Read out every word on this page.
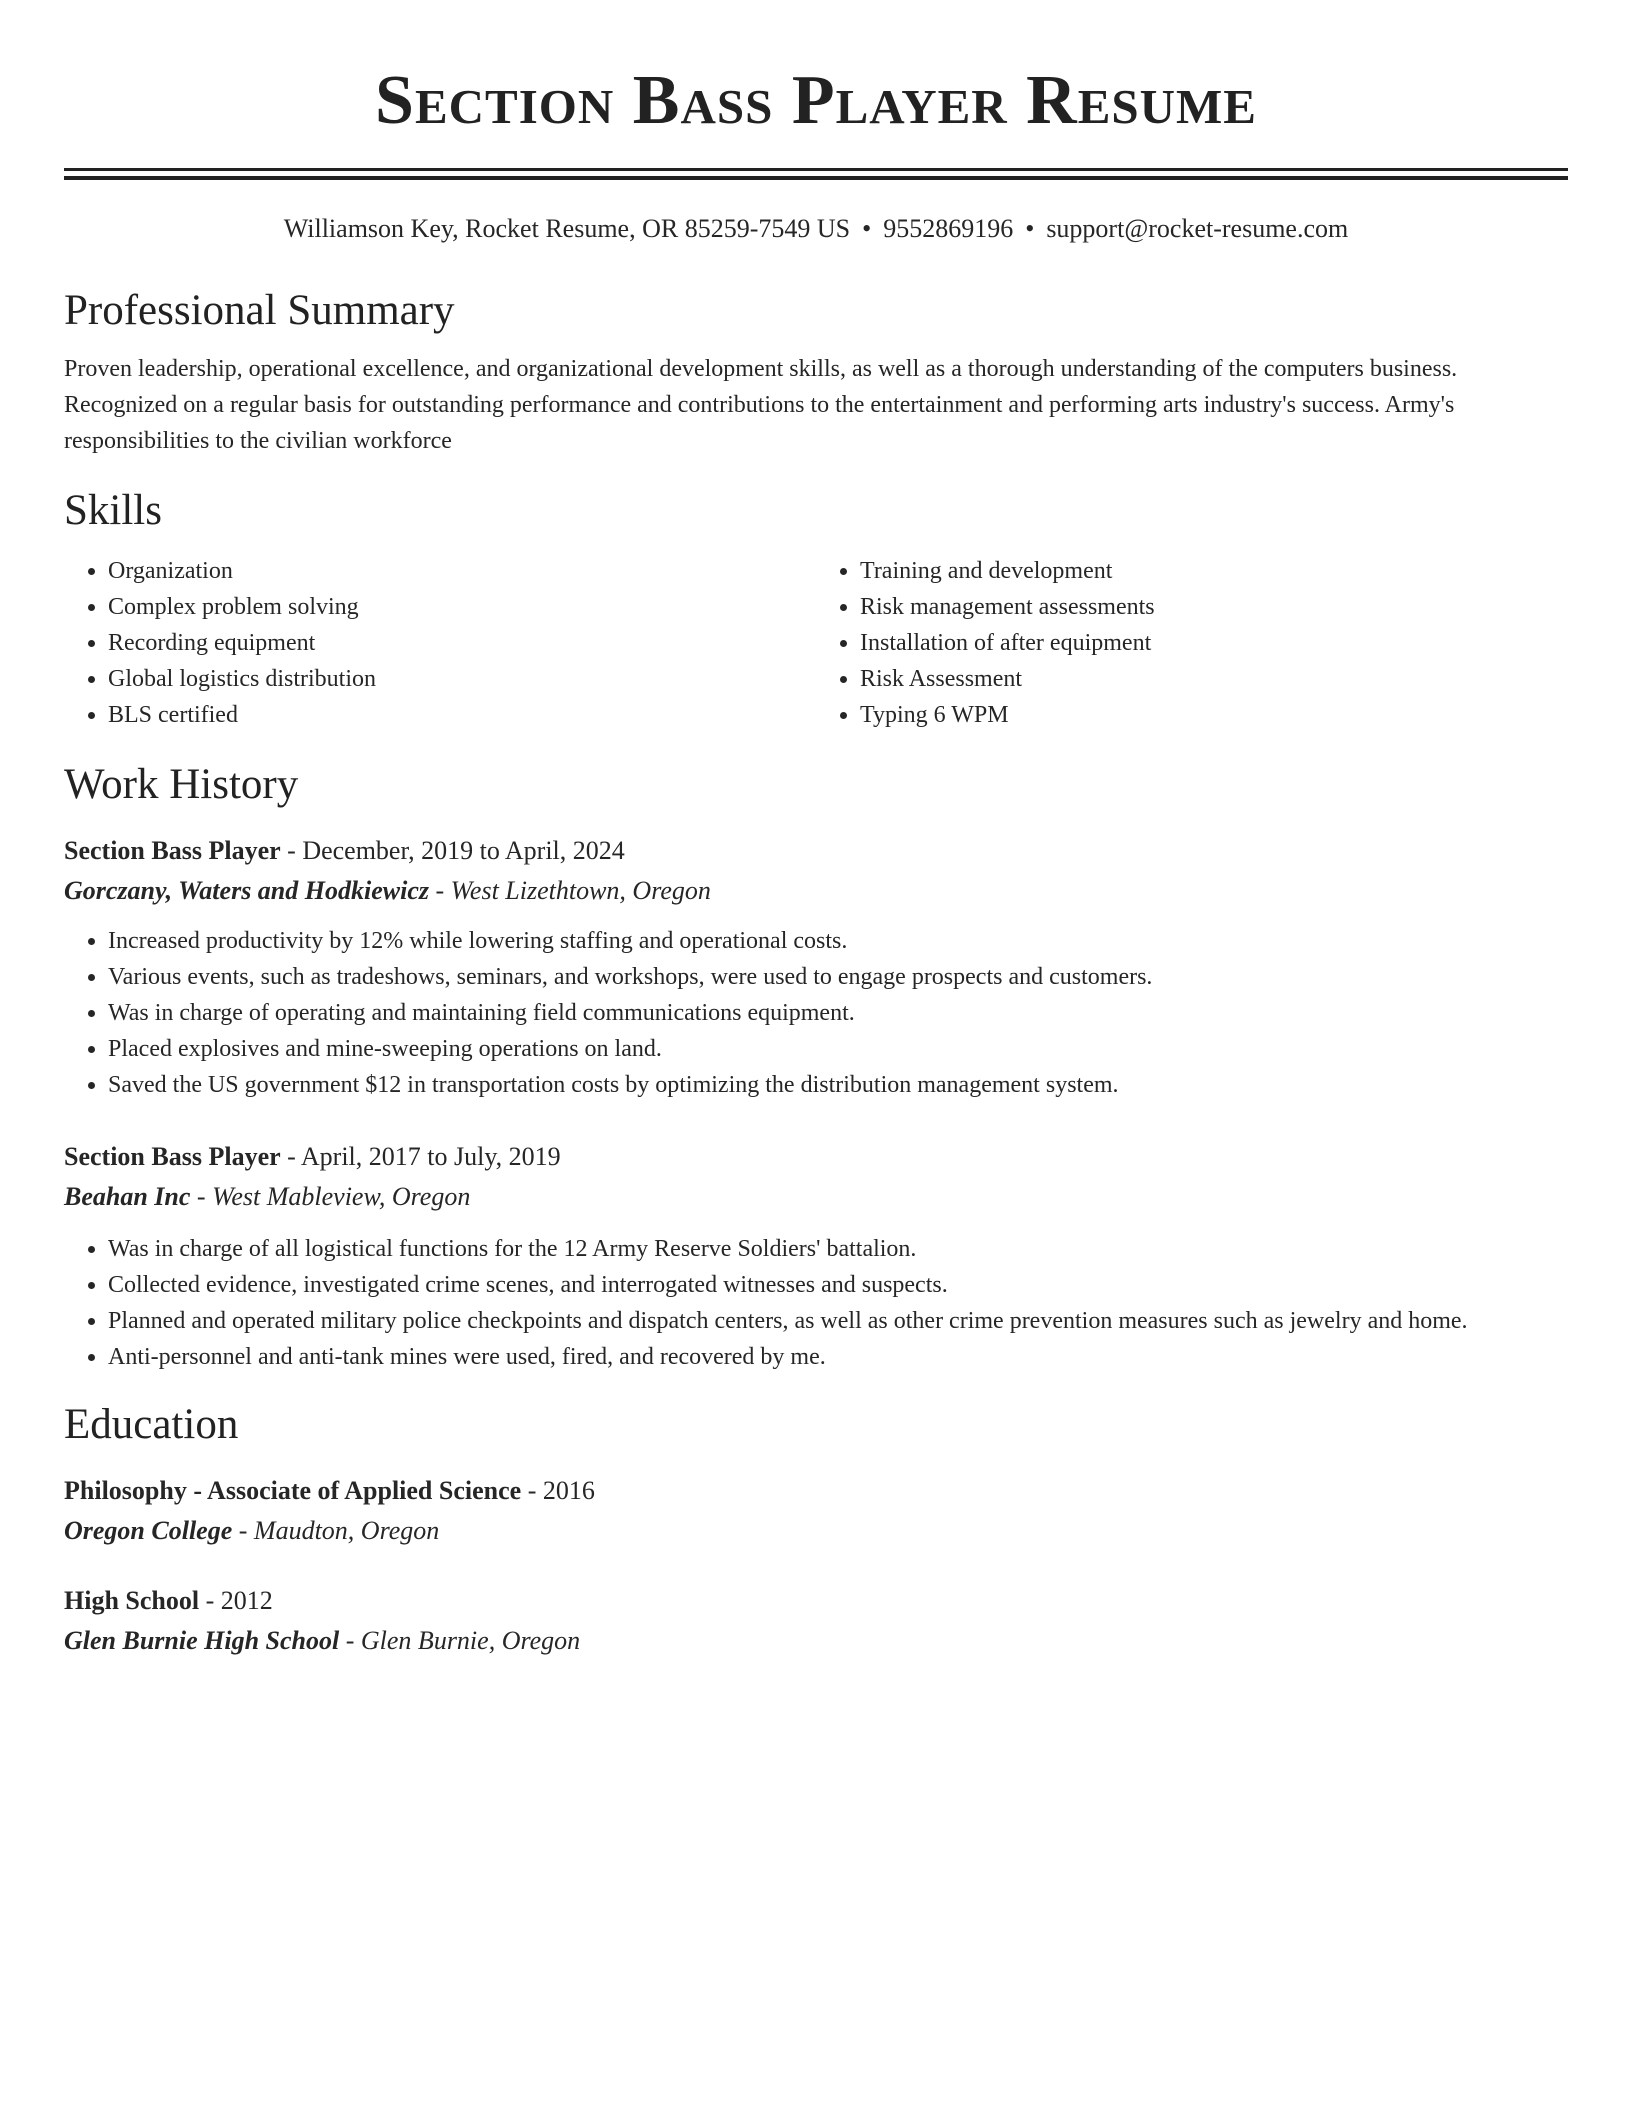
Section Bass Player Resume
Williamson Key, Rocket Resume, OR 85259-7549 US • 9552869196 • support@rocket-resume.com
Professional Summary
Proven leadership, operational excellence, and organizational development skills, as well as a thorough understanding of the computers business. Recognized on a regular basis for outstanding performance and contributions to the entertainment and performing arts industry's success. Army's responsibilities to the civilian workforce
Skills
• Organization
• Complex problem solving
• Recording equipment
• Global logistics distribution
• BLS certified
• Training and development
• Risk management assessments
• Installation of after equipment
• Risk Assessment
• Typing 6 WPM
Work History
Section Bass Player - December, 2019 to April, 2024
Gorczany, Waters and Hodkiewicz - West Lizethtown, Oregon
• Increased productivity by 12% while lowering staffing and operational costs.
• Various events, such as tradeshows, seminars, and workshops, were used to engage prospects and customers.
• Was in charge of operating and maintaining field communications equipment.
• Placed explosives and mine-sweeping operations on land.
• Saved the US government $12 in transportation costs by optimizing the distribution management system.
Section Bass Player - April, 2017 to July, 2019
Beahan Inc - West Mableview, Oregon
• Was in charge of all logistical functions for the 12 Army Reserve Soldiers' battalion.
• Collected evidence, investigated crime scenes, and interrogated witnesses and suspects.
• Planned and operated military police checkpoints and dispatch centers, as well as other crime prevention measures such as jewelry and home.
• Anti-personnel and anti-tank mines were used, fired, and recovered by me.
Education
Philosophy - Associate of Applied Science - 2016
Oregon College - Maudton, Oregon
High School - 2012
Glen Burnie High School - Glen Burnie, Oregon
